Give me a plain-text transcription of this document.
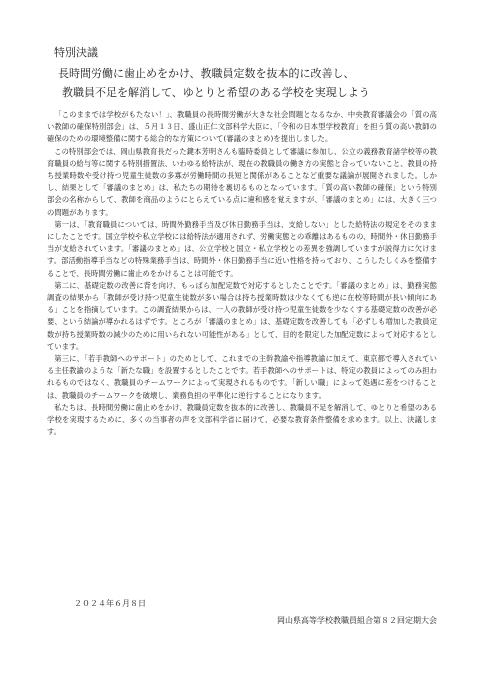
特別決議
長時間労働に歯止めをかけ、教職員定数を抜本的に改善し、
教職員不足を解消して、ゆとりと希望のある学校を実現しよう

「このままでは学校がもたない！」、教職員の長時間労働が大きな社会問題となるなか、中央教育審議会の「質の高い教師の確保特別部会」は、５月１３日、盛山正仁文部科学大臣に、「令和の日本型学校教育」を担う質の高い教師の確保のための環境整備に関する総合的な方策について(審議のまとめ)を提出しました。

この特別部会では、岡山県教育長だった鍵本芳明さんも臨時委員として審議に参加し、公立の義務教育諸学校等の教育職員の給与等に関する特別措置法、いわゆる給特法が、現在の教職員の働き方の実態と合っていないこと、教員の持ち授業時数や受け持つ児童生徒数の多寡が労働時間の長短と関係があることなど重要な議論が展開されました。しかし、結果として「審議のまとめ」は、私たちの期待を裏切るものとなっています。「質の高い教師の確保」という特別部会の名称からして、教師を商品のようにとらえている点に違和感を覚えますが、「審議のまとめ」には、大きく三つの問題があります。

第一は、「教育職員については、時間外勤務手当及び休日勤務手当は、支給しない」とした給特法の規定をそのままにしたことです。国立学校や私立学校には給特法が適用されず、労働実態との乖離はあるものの、時間外・休日勤務手当が支給されています。「審議のまとめ」は、公立学校と国立・私立学校との差異を強調していますが説得力に欠けます。部活動指導手当などの特殊業務手当は、時間外・休日勤務手当に近い性格を持っており、こうしたしくみを整備することで、長時間労働に歯止めをかけることは可能です。

第二に、基礎定数の改善に背を向け、もっぱら加配定数で対応するとしたことです。「審議のまとめ」は、勤務実態調査の結果から「教師が受け持つ児童生徒数が多い場合は持ち授業時数は少なくても逆に在校等時間が長い傾向にある」ことを指摘しています。この調査結果からは、一人の教師が受け持つ児童生徒数を少なくする基礎定数の改善が必要、という結論が導かれるはずです。ところが「審議のまとめ」は、基礎定数を改善しても「必ずしも増加した教員定数が持ち授業時数の減少のために用いられない可能性がある」として、目的を限定した加配定数によって対応するとしています。

第三に、「若手教師へのサポート」のためとして、これまでの主幹教諭や指導教諭に加えて、東京都で導入されている主任教諭のような「新たな職」を設置するとしたことです。若手教師へのサポートは、特定の教員によってのみ担われるものではなく、教職員のチームワークによって実現されるものです。「新しい職」によって処遇に差をつけることは、教職員のチームワークを破壊し、業務負担の平準化に逆行することになります。

私たちは、長時間労働に歯止めをかけ、教職員定数を抜本的に改善し、教職員不足を解消して、ゆとりと希望のある学校を実現するために、多くの当事者の声を文部科学省に届けて、必要な教育条件整備を求めます。以上、決議します。

２０２４年６月８日
岡山県高等学校教職員組合第８２回定期大会
